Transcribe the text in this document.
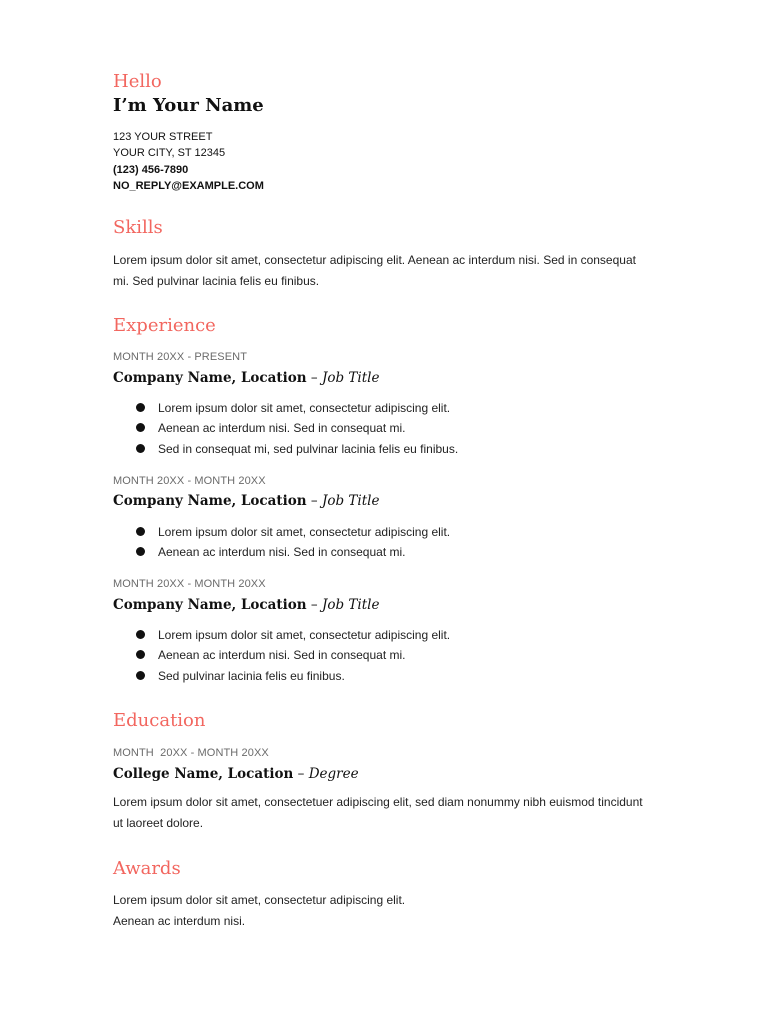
Hello
I’m Your Name
123 YOUR STREET
YOUR CITY, ST 12345
(123) 456-7890
NO_REPLY@EXAMPLE.COM
Skills
Lorem ipsum dolor sit amet, consectetur adipiscing elit. Aenean ac interdum nisi. Sed in consequat
mi. Sed pulvinar lacinia felis eu finibus.
Experience
MONTH 20XX - PRESENT
Company Name, Location – Job Title
Lorem ipsum dolor sit amet, consectetur adipiscing elit.
Aenean ac interdum nisi. Sed in consequat mi.
Sed in consequat mi, sed pulvinar lacinia felis eu finibus.
MONTH 20XX - MONTH 20XX
Company Name, Location – Job Title
Lorem ipsum dolor sit amet, consectetur adipiscing elit.
Aenean ac interdum nisi. Sed in consequat mi.
MONTH 20XX - MONTH 20XX
Company Name, Location – Job Title
Lorem ipsum dolor sit amet, consectetur adipiscing elit.
Aenean ac interdum nisi. Sed in consequat mi.
Sed pulvinar lacinia felis eu finibus.
Education
MONTH  20XX - MONTH 20XX
College Name, Location – Degree
Lorem ipsum dolor sit amet, consectetuer adipiscing elit, sed diam nonummy nibh euismod tincidunt
ut laoreet dolore.
Awards
Lorem ipsum dolor sit amet, consectetur adipiscing elit.
Aenean ac interdum nisi.
